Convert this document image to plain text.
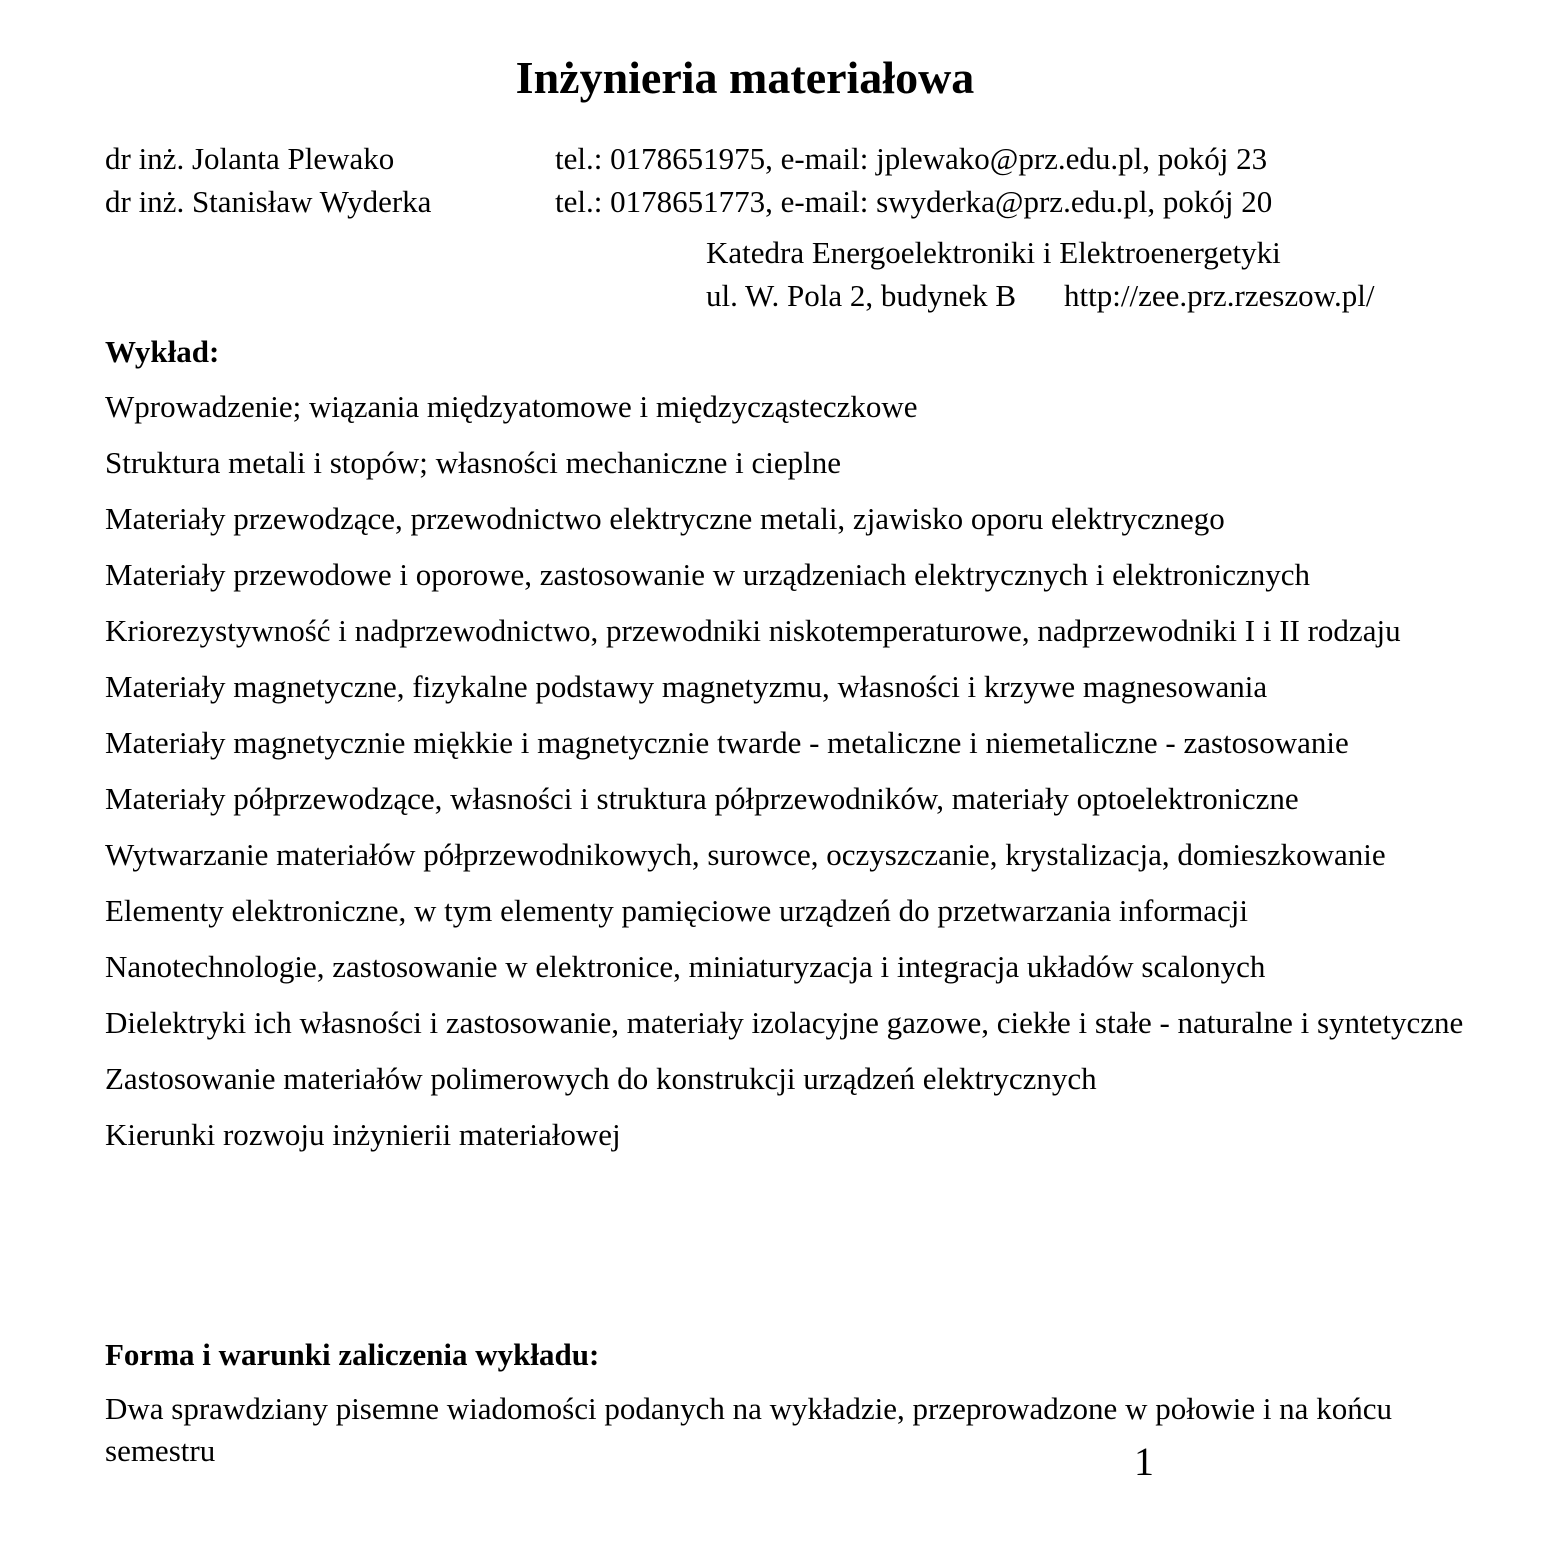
Inżynieria materiałowa
dr inż. Jolanta Plewako	tel.: 0178651975, e-mail: jplewako@prz.edu.pl, pokój 23
dr inż. Stanisław Wyderka	tel.: 0178651773, e-mail: swyderka@prz.edu.pl, pokój 20
Katedra Energoelektroniki i Elektroenergetyki
ul. W. Pola 2, budynek B http://zee.prz.rzeszow.pl/
Wykład:
Wprowadzenie; wiązania międzyatomowe i międzycząsteczkowe
Struktura metali i stopów; własności mechaniczne i cieplne
Materiały przewodzące, przewodnictwo elektryczne metali, zjawisko oporu elektrycznego
Materiały przewodowe i oporowe, zastosowanie w urządzeniach elektrycznych i elektronicznych
Kriorezystywność i nadprzewodnictwo, przewodniki niskotemperaturowe, nadprzewodniki I i II rodzaju
Materiały magnetyczne, fizykalne podstawy magnetyzmu, własności i krzywe magnesowania
Materiały magnetycznie miękkie i magnetycznie twarde - metaliczne i niemetaliczne - zastosowanie
Materiały półprzewodzące, własności i struktura półprzewodników, materiały optoelektroniczne
Wytwarzanie materiałów półprzewodnikowych, surowce, oczyszczanie, krystalizacja, domieszkowanie
Elementy elektroniczne, w tym elementy pamięciowe urządzeń do przetwarzania informacji
Nanotechnologie, zastosowanie w elektronice, miniaturyzacja i integracja układów scalonych
Dielektryki ich własności i zastosowanie, materiały izolacyjne gazowe, ciekłe i stałe - naturalne i syntetyczne
Zastosowanie materiałów polimerowych do konstrukcji urządzeń elektrycznych
Kierunki rozwoju inżynierii materiałowej
Forma i warunki zaliczenia wykładu:
Dwa sprawdziany pisemne wiadomości podanych na wykładzie, przeprowadzone w połowie i na końcu semestru	1
